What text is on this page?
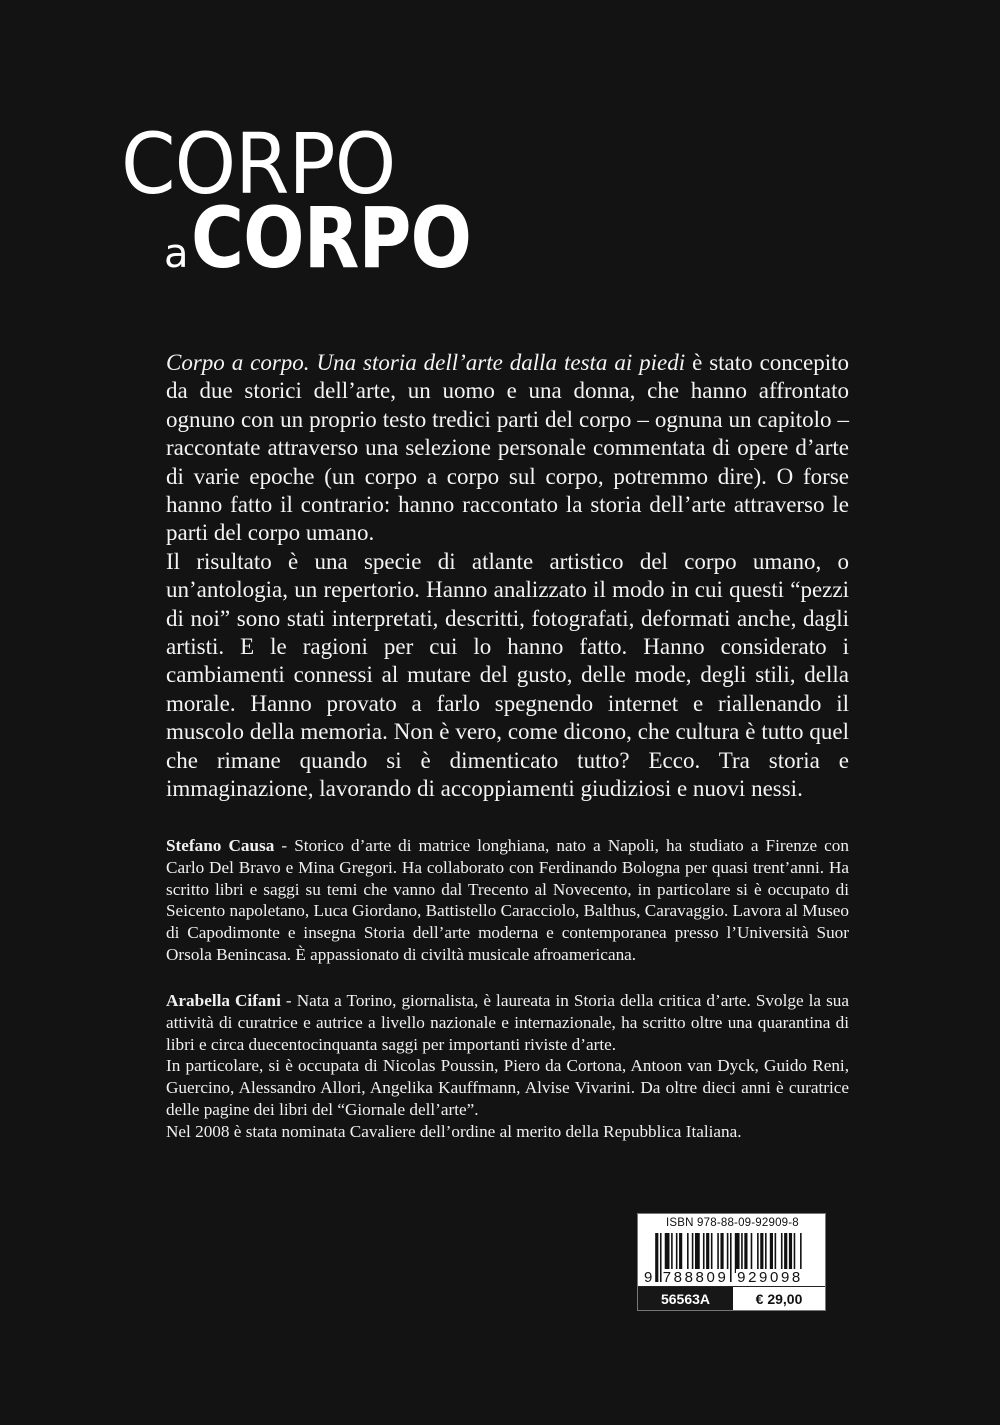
CORPO
aCORPO

Corpo a corpo. Una storia dell’arte dalla testa ai piedi è stato concepito da due storici dell’arte, un uomo e una donna, che hanno affrontato ognuno con un proprio testo tredici parti del corpo – ognuna un capitolo – raccontate attraverso una selezione personale commentata di opere d’arte di varie epoche (un corpo a corpo sul corpo, potremmo dire). O forse hanno fatto il contrario: hanno raccontato la storia dell’arte attraverso le parti del corpo umano.

Il risultato è una specie di atlante artistico del corpo umano, o un’antologia, un repertorio. Hanno analizzato il modo in cui questi “pezzi di noi” sono stati interpretati, descritti, fotografati, deformati anche, dagli artisti. E le ragioni per cui lo hanno fatto. Hanno considerato i cambiamenti connessi al mutare del gusto, delle mode, degli stili, della morale. Hanno provato a farlo spegnendo internet e riallenando il muscolo della memoria. Non è vero, come dicono, che cultura è tutto quel che rimane quando si è dimenticato tutto? Ecco. Tra storia e immaginazione, lavorando di accoppiamenti giudiziosi e nuovi nessi.

Stefano Causa - Storico d’arte di matrice longhiana, nato a Napoli, ha studiato a Firenze con Carlo Del Bravo e Mina Gregori. Ha collaborato con Ferdinando Bologna per quasi trent’anni. Ha scritto libri e saggi su temi che vanno dal Trecento al Novecento, in particolare si è occupato di Seicento napoletano, Luca Giordano, Battistello Caracciolo, Balthus, Caravaggio. Lavora al Museo di Capodimonte e insegna Storia dell’arte moderna e contemporanea presso l’Università Suor Orsola Benincasa. È appassionato di civiltà musicale afroamericana.

Arabella Cifani - Nata a Torino, giornalista, è laureata in Storia della critica d’arte. Svolge la sua attività di curatrice e autrice a livello nazionale e internazionale, ha scritto oltre una quarantina di libri e circa duecentocinquanta saggi per importanti riviste d’arte.

In particolare, si è occupata di Nicolas Poussin, Piero da Cortona, Antoon van Dyck, Guido Reni, Guercino, Alessandro Allori, Angelika Kauffmann, Alvise Vivarini. Da oltre dieci anni è curatrice delle pagine dei libri del “Giornale dell’arte”.

Nel 2008 è stata nominata Cavaliere dell’ordine al merito della Repubblica Italiana.

ISBN 978-88-09-92909-8
9 788809 929098
56563A	€ 29,00
